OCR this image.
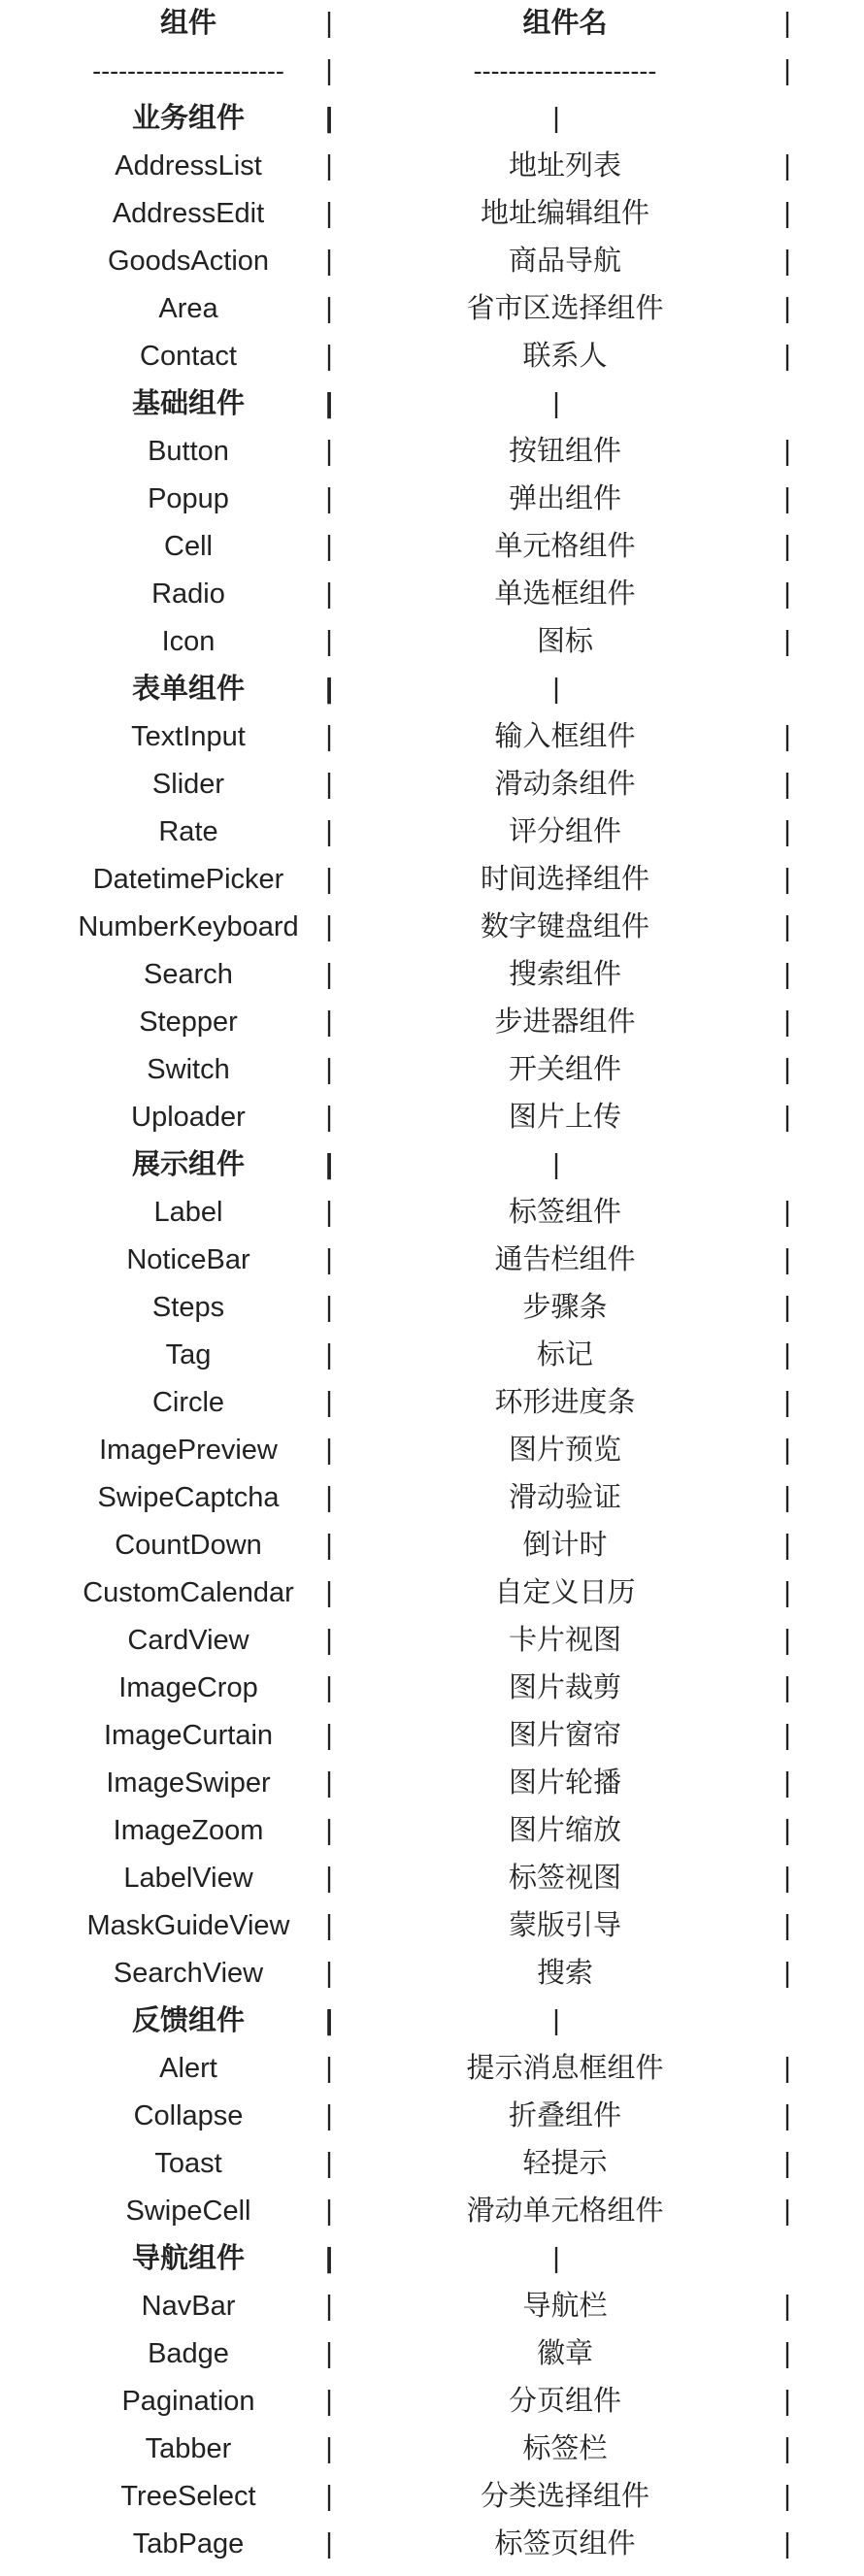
组件	|	组件名	|
---------------------- |	---------------------	|
业务组件	|	|
AddressList |	地址列表	|
AddressEdit |	地址编辑组件	|
GoodsAction |	商品导航	|
Area	|	省市区选择组件	|
Contact	|	联系人	|
基础组件	|	|
Button	|	按钮组件	|
Popup	|	弹出组件	|
Cell	|	单元格组件	|
Radio	|	单选框组件	|
Icon	|	图标	|
表单组件	|	|
TextInput	|	输入框组件	|
Slider	|	滑动条组件	|
Rate	|	评分组件	|
DatetimePicker |	时间选择组件	|
NumberKeyboard |	数字键盘组件	|
Search	|	搜索组件	|
Stepper	|	步进器组件	|
Switch	|	开关组件	|
Uploader	|	图片上传	|
展示组件	|	|
Label	|	标签组件	|
NoticeBar	|	通告栏组件	|
Steps	|	步骤条	|
Tag	|	标记	|
Circle	|	环形进度条	|
ImagePreview |	图片预览	|
SwipeCaptcha |	滑动验证	|
CountDown |	倒计时	|
CustomCalendar |	自定义日历	|
CardView	|	卡片视图	|
ImageCrop |	图片裁剪	|
ImageCurtain |	图片窗帘	|
ImageSwiper |	图片轮播	|
ImageZoom |	图片缩放	|
LabelView	|	标签视图	|
MaskGuideView |	蒙版引导	|
SearchView |	搜索	|
反馈组件	|	|
Alert	|	提示消息框组件	|
Collapse	|	折叠组件	|
Toast	|	轻提示	|
SwipeCell	|	滑动单元格组件	|
导航组件	|	|
NavBar	|	导航栏	|
Badge	|	徽章	|
Pagination	|	分页组件	|
Tabber	|	标签栏	|
TreeSelect |	分类选择组件	|
TabPage	|	标签页组件	|
